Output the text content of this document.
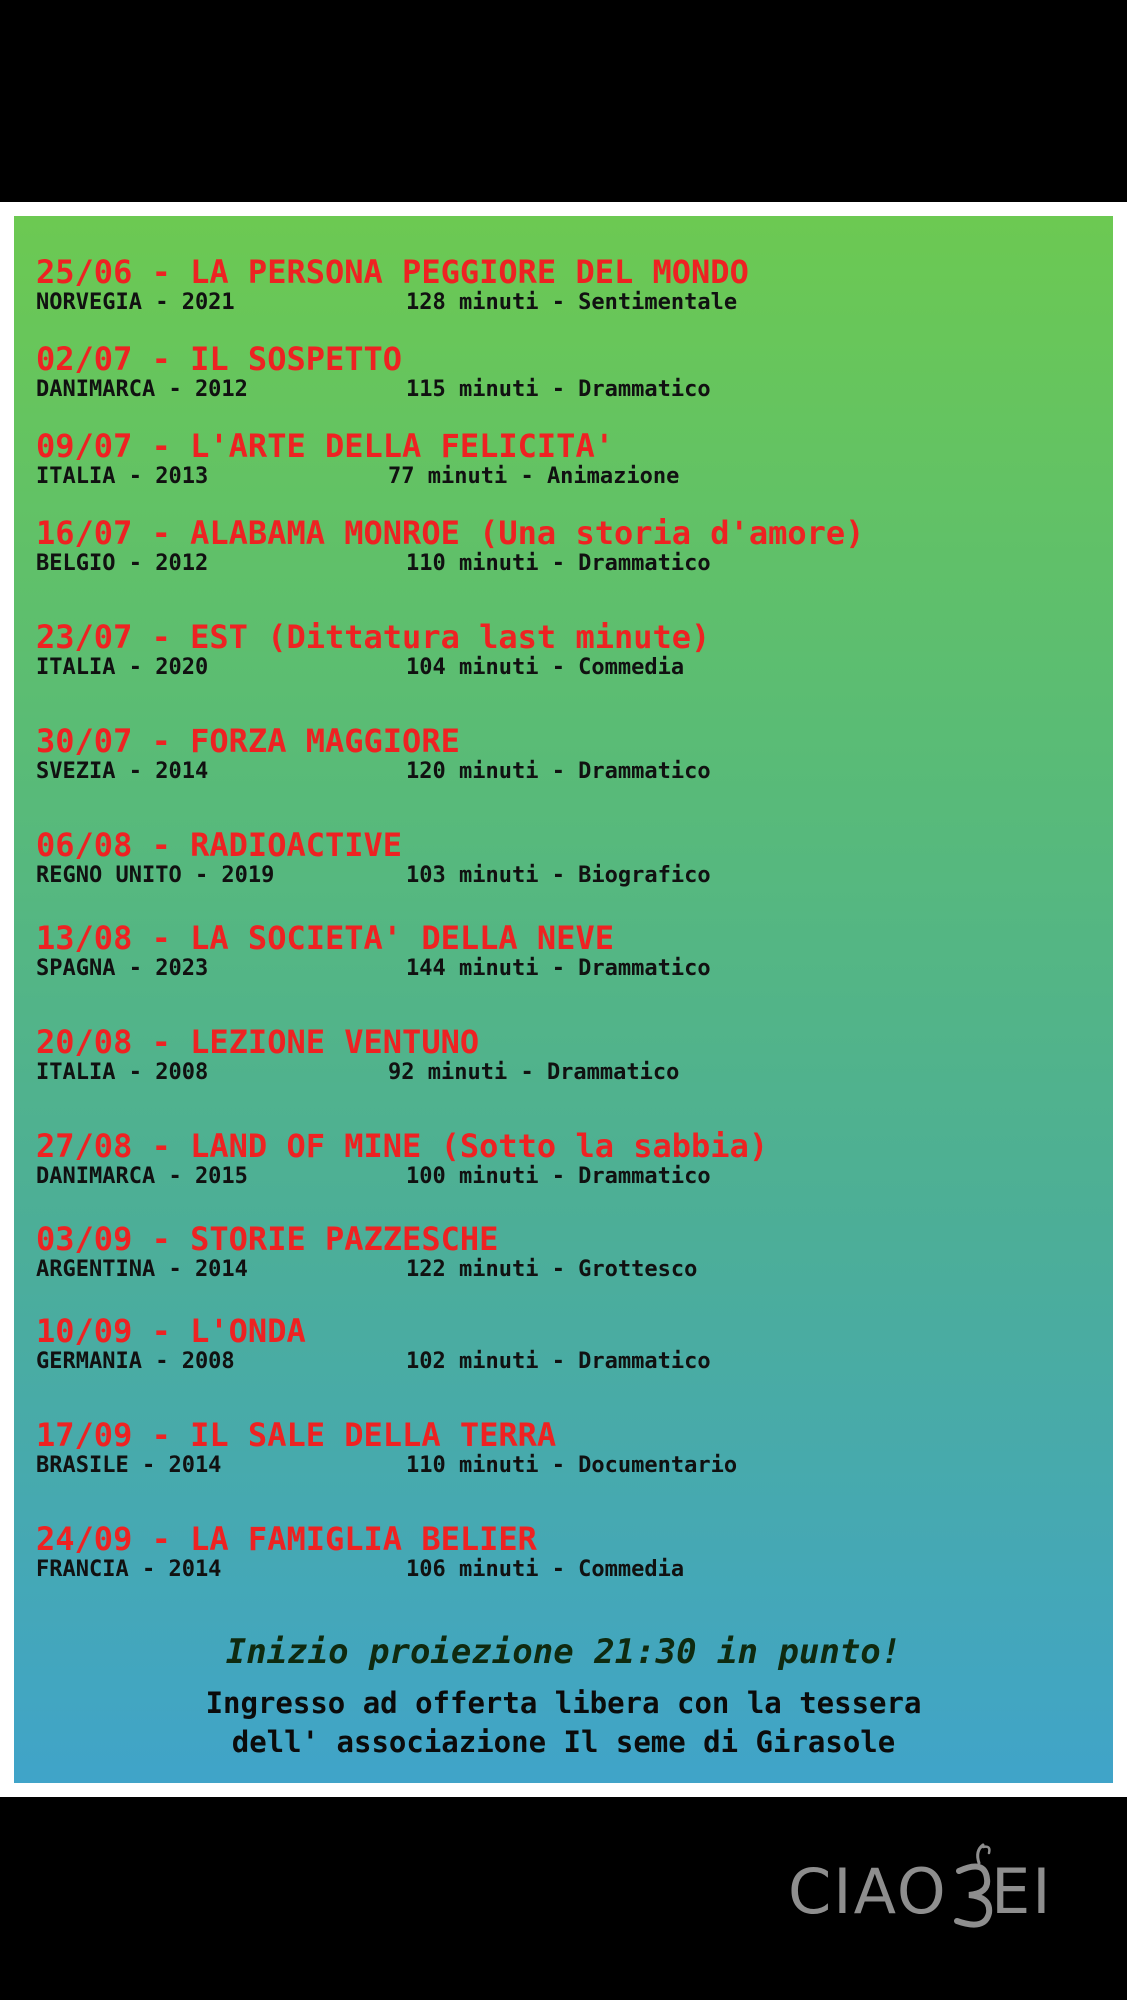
25/06 - LA PERSONA PEGGIORE DEL MONDO
NORVEGIA - 2021	128 minuti - Sentimentale
02/07 - IL SOSPETTO
DANIMARCA - 2012	115 minuti - Drammatico
09/07 - L'ARTE DELLA FELICITA'
ITALIA - 2013	77 minuti - Animazione
16/07 - ALABAMA MONROE (Una storia d'amore)
BELGIO - 2012	110 minuti - Drammatico
23/07 - EST (Dittatura last minute)
ITALIA - 2020	104 minuti - Commedia
30/07 - FORZA MAGGIORE
SVEZIA - 2014	120 minuti - Drammatico
06/08 - RADIOACTIVE
REGNO UNITO - 2019	103 minuti - Biografico
13/08 - LA SOCIETA' DELLA NEVE
SPAGNA - 2023	144 minuti - Drammatico
20/08 - LEZIONE VENTUNO
ITALIA - 2008	92 minuti - Drammatico
27/08 - LAND OF MINE (Sotto la sabbia)
DANIMARCA - 2015	100 minuti - Drammatico
03/09 - STORIE PAZZESCHE
ARGENTINA - 2014	122 minuti - Grottesco
10/09 - L'ONDA
GERMANIA - 2008	102 minuti - Drammatico
17/09 - IL SALE DELLA TERRA
BRASILE - 2014	110 minuti - Documentario
24/09 - LA FAMIGLIA BELIER
FRANCIA - 2014	106 minuti - Commedia
Inizio proiezione 21:30 in punto!
Ingresso ad offerta libera con la tessera
dell' associazione Il seme di Girasole
CIAO  EI
